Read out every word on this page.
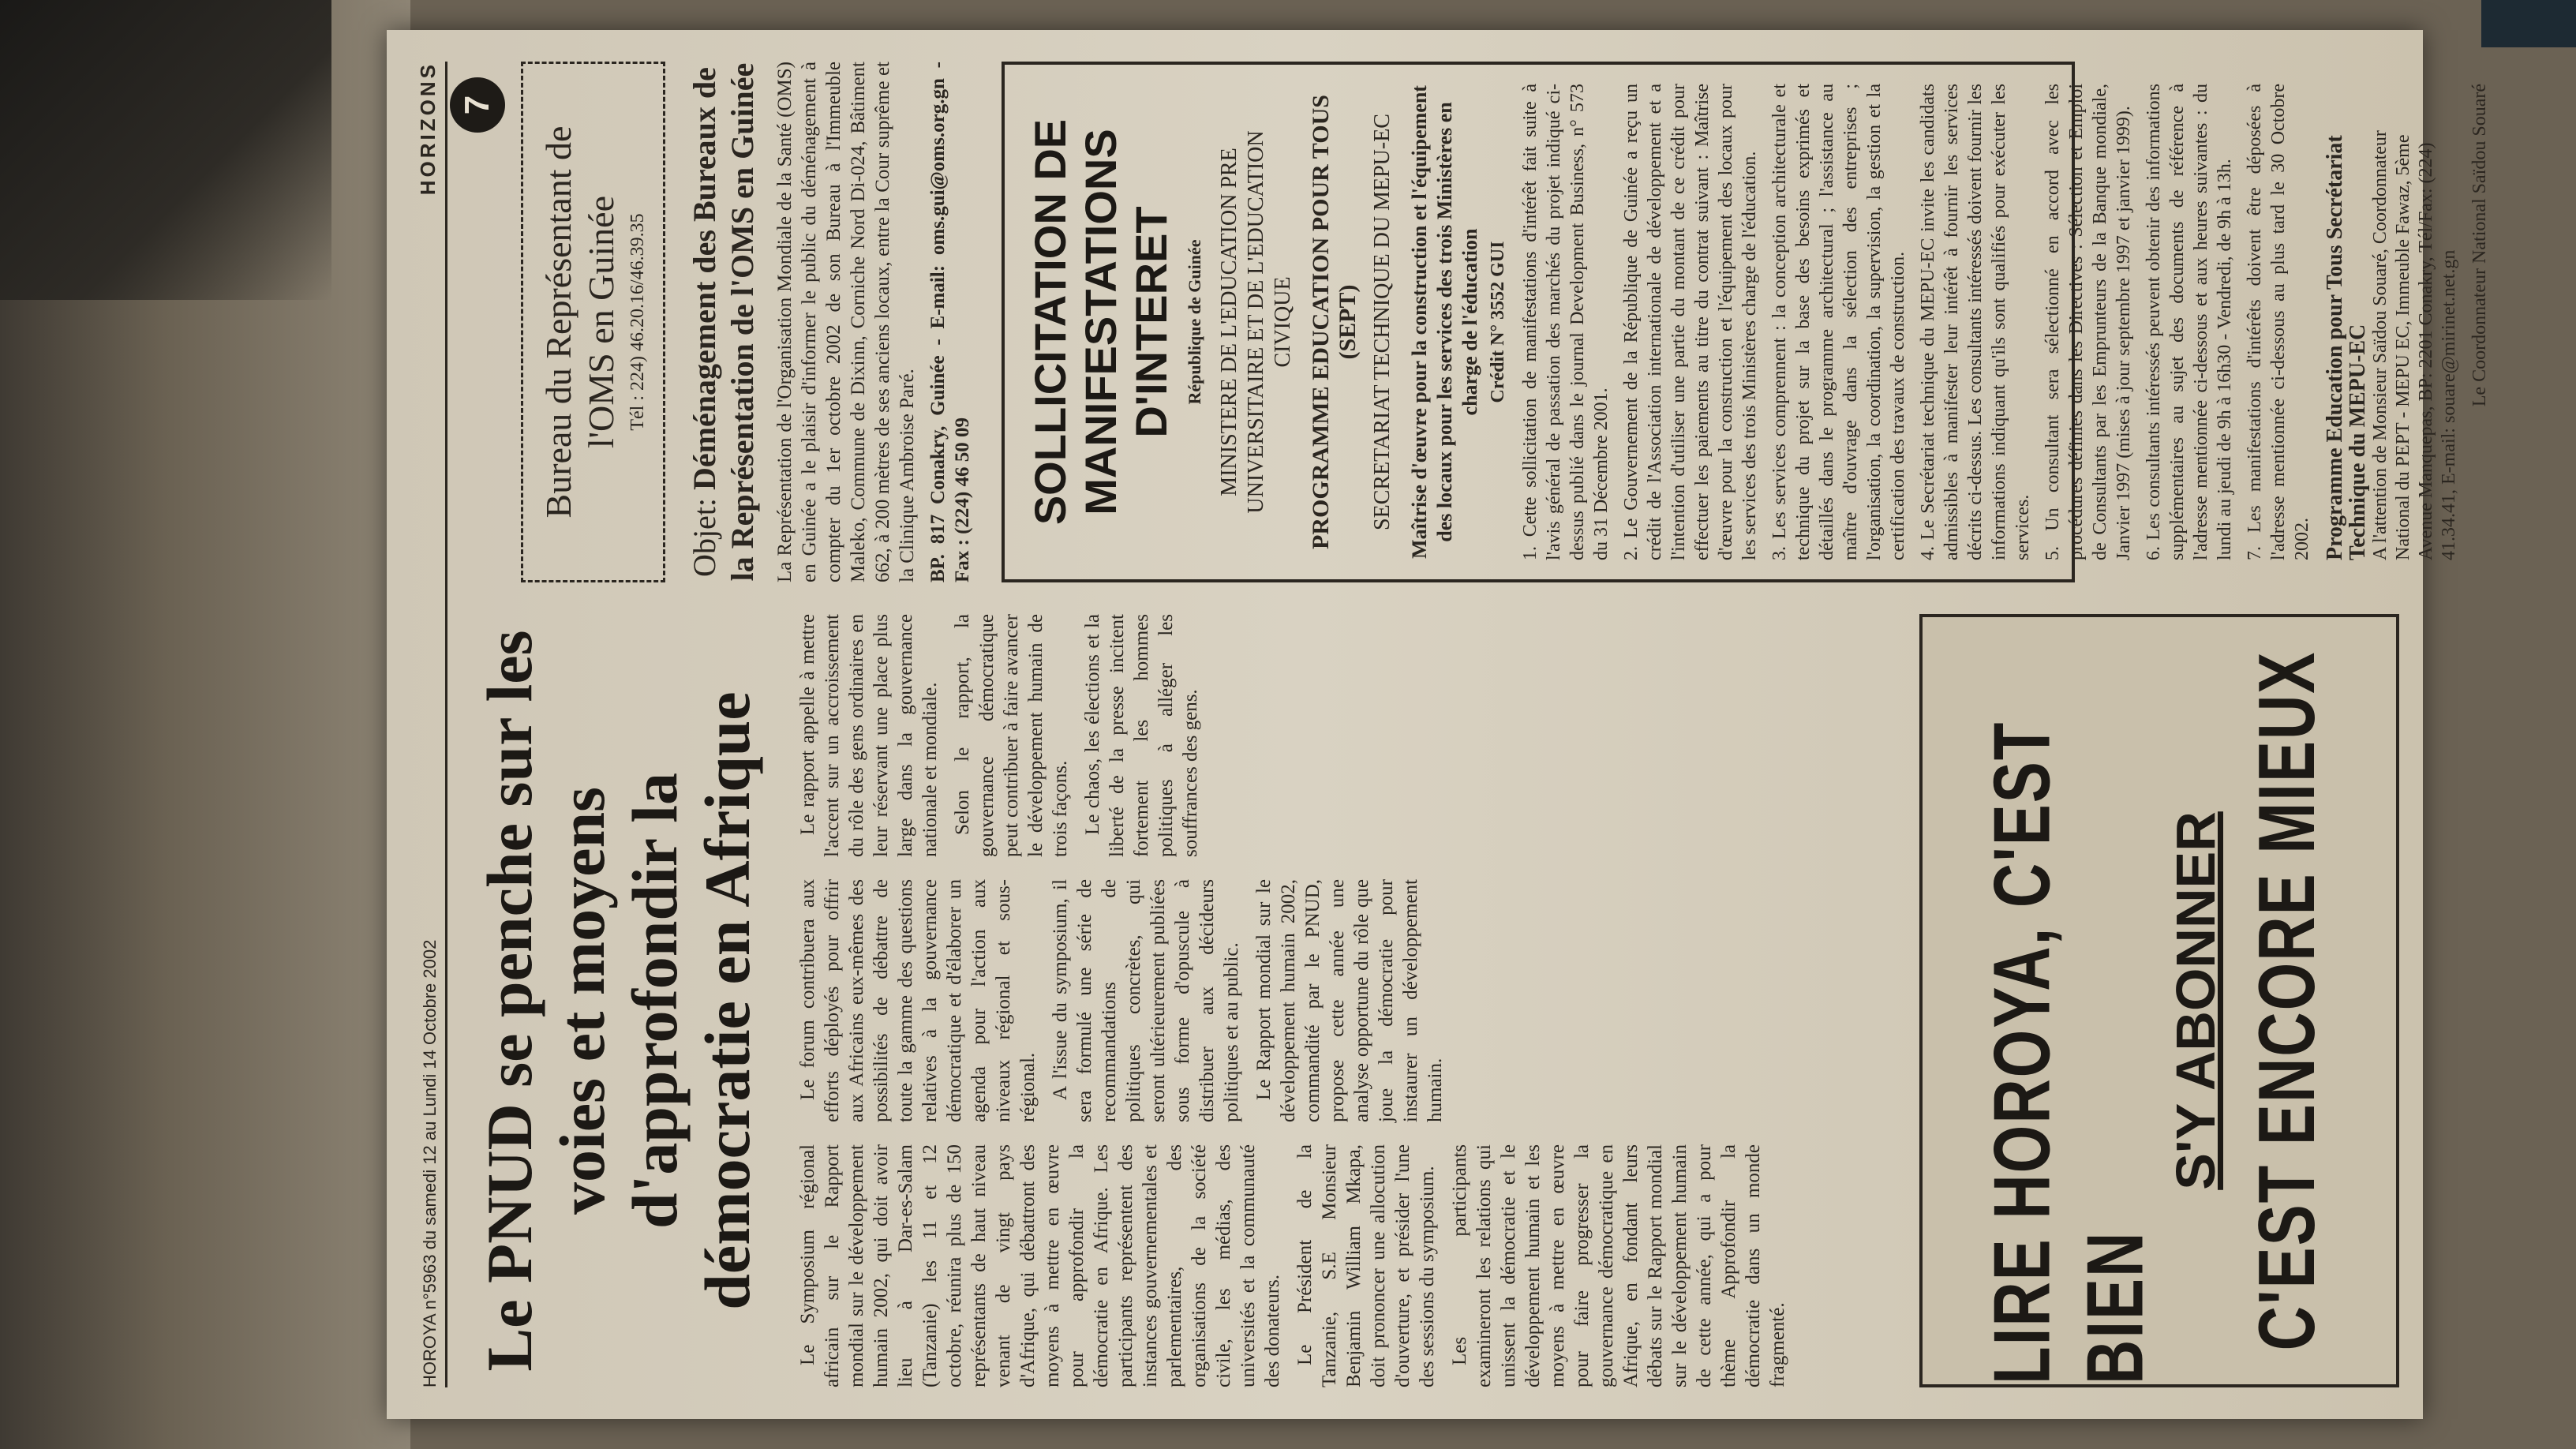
HOROYA n°5963 du samedi 12 au Lundi 14 Octobre 2002
HORIZONS 7
Le PNUD se penche sur les voies et moyens d'approfondir la démocratie en Afrique Le Symposium régional africain sur le Rapport mondial sur le développement humain 2002, qui doit avoir lieu à Dar-es-Salam (Tanzanie) les 11 et 12 octobre, réunira plus de 150 représentants de haut niveau venant de vingt pays d'Afrique, qui débattront des moyens à mettre en œuvre pour approfondir la démocratie en Afrique. Les participants représentent des instances gouvernementales et parlementaires, des organisations de la société civile, les médias, des universités et la communauté des donateurs. Le Président de la Tanzanie, S.E Monsieur Benjamin William Mkapa, doit prononcer une allocution d'ouverture, et présider l'une des sessions du symposium. Les participants examineront les relations qui unissent la démocratie et le développement humain et les moyens à mettre en œuvre pour faire progresser la gouvernance démocratique en Afrique, en fondant leurs débats sur le Rapport mondial sur le développement humain de cette année, qui a pour thème Approfondir la démocratie dans un monde fragmenté.

Le forum contribuera aux efforts déployés pour offrir aux Africains eux-mêmes des possibilités de débattre de toute la gamme des questions relatives à la gouvernance démocratique et d'élaborer un agenda pour l'action aux niveaux régional et sous-régional. A l'issue du symposium, il sera formulé une série de recommandations de politiques concrètes, qui seront ultérieurement publiées sous forme d'opuscule à distribuer aux décideurs politiques et au public. Le Rapport mondial sur le développement humain 2002, commandité par le PNUD, propose cette année une analyse opportune du rôle que joue la démocratie pour instaurer un développement humain.

Le rapport appelle à mettre l'accent sur un accroissement du rôle des gens ordinaires en leur réservant une place plus large dans la gouvernance nationale et mondiale. Selon le rapport, la gouvernance démocratique peut contribuer à faire avancer le développement humain de trois façons. Le chaos, les élections et la liberté de la presse incitent fortement les hommes politiques à alléger les souffrances des gens.	LIRE HOROYA, C'EST BIEN
S'Y ABONNER C'EST ENCORE MIEUX
Bureau du Représentant de l'OMS en Guinée Tél : 224) 46.20.16/46.39.35
Objet: Déménagement des Bureaux de la Représentation de l'OMS en Guinée La Représentation de l'Organisation Mondiale de la Santé (OMS) en Guinée a le plaisir d'informer le public du déménagement à compter du 1er octobre 2002 de son Bureau à l'Immeuble Maleko, Commune de Dixinn, Corniche Nord Di-024, Bâtiment 662, à 200 mètres de ses anciens locaux, entre la Cour suprême et la Clinique Ambroise Paré. BP. 817 Conakry, Guinée - E-mail: oms.gui@oms.org.gn - Fax : (224) 46 50 09 SOLLICITATION DE MANIFESTATIONS D'INTERET République de Guinée MINISTERE DE L'EDUCATION PRE UNIVERSITAIRE ET DE L'EDUCATION CIVIQUE PROGRAMME EDUCATION POUR TOUS (SEPT) SECRETARIAT TECHNIQUE DU MEPU-EC Maîtrise d'œuvre pour la construction et l'équipement des locaux pour les services des trois Ministères en charge de l'éducation Crédit N° 3552 GUI 1. Cette sollicitation de manifestations d'intérêt fait suite à l'avis général de passation des marchés du projet indiqué ci-dessus publié dans le journal Development Business, n° 573 du 31 Décembre 2001. 2. Le Gouvernement de la République de Guinée a reçu un crédit de l'Association internationale de développement et a l'intention d'utiliser une partie du montant de ce crédit pour effectuer les paiements au titre du contrat suivant : Maîtrise d'œuvre pour la construction et l'équipement des locaux pour les services des trois Ministères charge de l'éducation. 3. Les services comprennent : la conception architecturale et technique du projet sur la base des besoins exprimés et détaillés dans le programme architectural ; l'assistance au maître d'ouvrage dans la sélection des entreprises ; l'organisation, la coordination, la supervision, la gestion et la certification des travaux de construction. 4. Le Secrétariat technique du MEPU-EC invite les candidats admissibles à manifester leur intérêt à fournir les services décrits ci-dessus. Les consultants intéressés doivent fournir les informations indiquant qu'ils sont qualifiés pour exécuter les services. 5. Un consultant sera sélectionné en accord avec les procédures définies dans les Directives : Sélection et Emploi de Consultants par les Emprunteurs de la Banque mondiale, Janvier 1997 (mises à jour septembre 1997 et janvier 1999). 6. Les consultants intéressés peuvent obtenir des informations supplémentaires au sujet des documents de référence à l'adresse mentionnée ci-dessous et aux heures suivantes : du lundi au jeudi de 9h à 16h30 - Vendredi, de 9h à 13h. 7. Les manifestations d'intérêts doivent être déposées à l'adresse mentionnée ci-dessous au plus tard le 30 Octobre 2002. Programme Education pour Tous Secrétariat Technique du MEPU-EC A l'attention de Monsieur Saïdou Souaré, Coordonnateur National du PEPT - MEPU EC, Immeuble Fawaz, 5ème Avenue Manquepas, BP: 2201 Conakry, Tél/Fax: (224) 41.34.41, E-mail: souare@mirinet.net.gn Le Coordonnateur National Saïdou Souaré
